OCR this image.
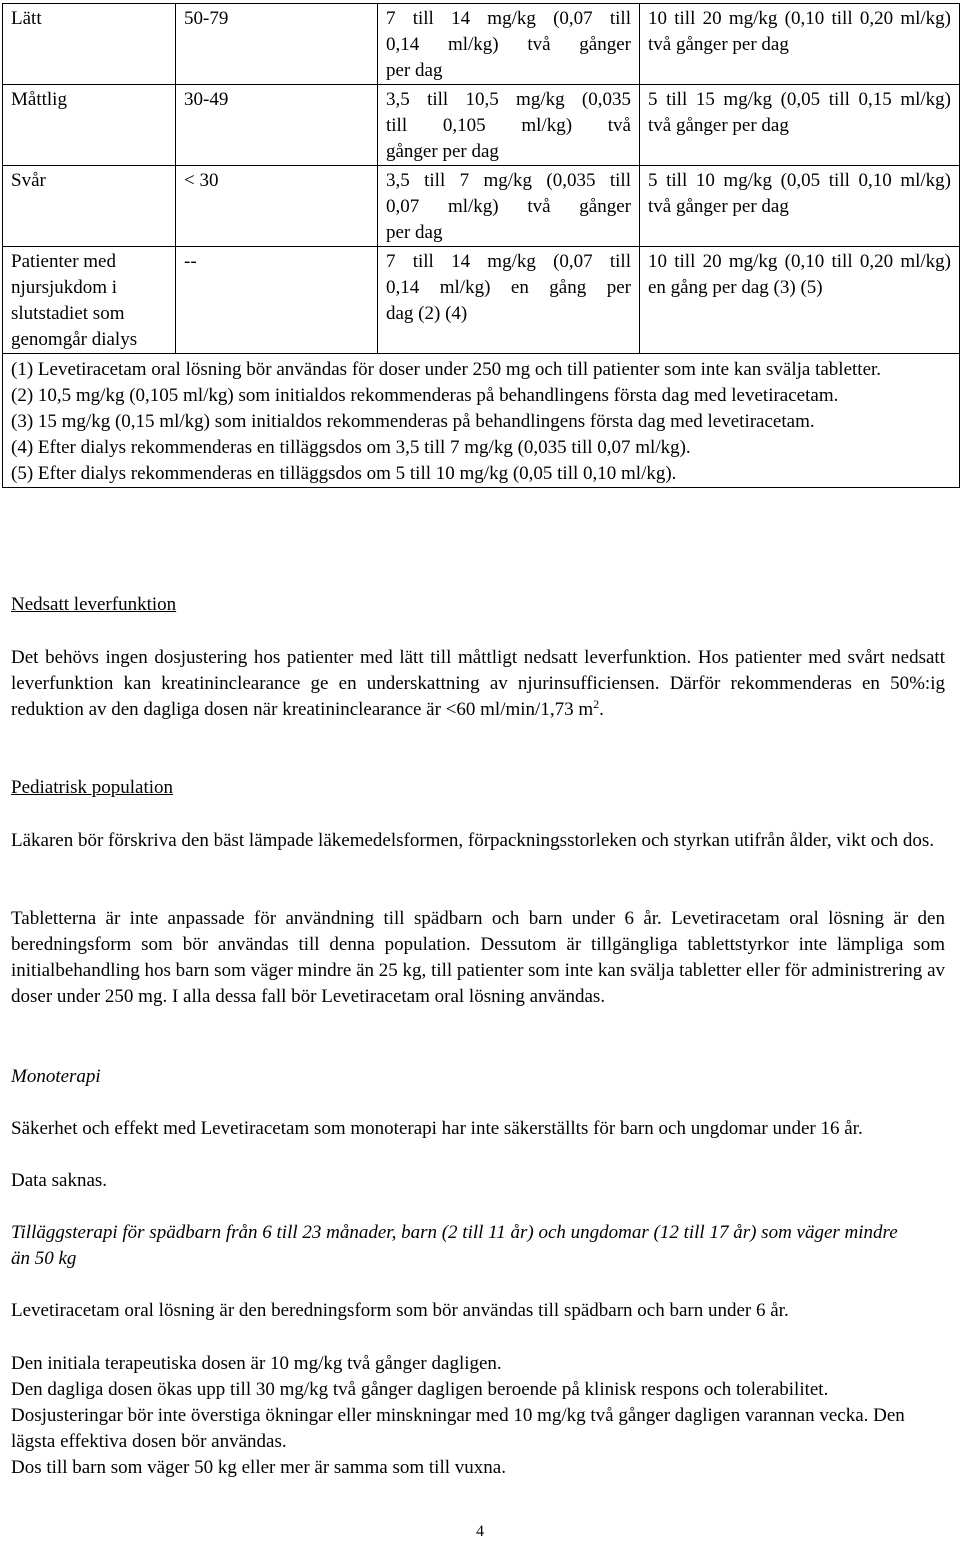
Lätt	50-79	7 till 14 mg/kg (0,07 till
0,14 ml/kg) två gånger
per dag	10 till 20 mg/kg (0,10 till 0,20 ml/kg) två gånger per dag
Måttlig	30-49	3,5 till 10,5 mg/kg (0,035
till 0,105 ml/kg) två
gånger per dag	5 till 15 mg/kg (0,05 till 0,15 ml/kg) två gånger per dag
Svår	< 30	3,5 till 7 mg/kg (0,035 till
0,07 ml/kg) två gånger
per dag	5 till 10 mg/kg (0,05 till 0,10 ml/kg) två gånger per dag
Patienter med njursjukdom i slutstadiet som genomgår dialys	--	7 till 14 mg/kg (0,07 till
0,14 ml/kg) en gång per
dag (2) (4)	10 till 20 mg/kg (0,10 till 0,20 ml/kg) en gång per dag (3) (5)

(1) Levetiracetam oral lösning bör användas för doser under 250 mg och till patienter som inte kan svälja tabletter.
(2) 10,5 mg/kg (0,105 ml/kg) som initialdos rekommenderas på behandlingens första dag med levetiracetam.
(3) 15 mg/kg (0,15 ml/kg) som initialdos rekommenderas på behandlingens första dag med levetiracetam.
(4) Efter dialys rekommenderas en tilläggsdos om 3,5 till 7 mg/kg (0,035 till 0,07 ml/kg).
(5) Efter dialys rekommenderas en tilläggsdos om 5 till 10 mg/kg (0,05 till 0,10 ml/kg).			

Nedsatt leverfunktion

Det behövs ingen dosjustering hos patienter med lätt till måttligt nedsatt leverfunktion. Hos patienter med svårt nedsatt leverfunktion kan kreatininclearance ge en underskattning av njurinsufficiensen. Därför rekommenderas en 50%:ig reduktion av den dagliga dosen när kreatininclearance är <60 ml/min/1,73 $m^2$.

Pediatrisk population

Läkaren bör förskriva den bäst lämpade läkemedelsformen, förpackningsstorleken och styrkan utifrån ålder, vikt och dos.

Tabletterna är inte anpassade för användning till spädbarn och barn under 6 år. Levetiracetam oral lösning är den beredningsform som bör användas till denna population. Dessutom är tillgängliga tablettstyrkor inte lämpliga som initialbehandling hos barn som väger mindre än 25 kg, till patienter som inte kan svälja tabletter eller för administrering av doser under 250 mg. I alla dessa fall bör Levetiracetam oral lösning användas.

Monoterapi

Säkerhet och effekt med Levetiracetam som monoterapi har inte säkerställts för barn och ungdomar under 16 år.

Data saknas.

Tilläggsterapi för spädbarn från 6 till 23 månader, barn (2 till 11 år) och ungdomar (12 till 17 år) som väger mindre än 50 kg

Levetiracetam oral lösning är den beredningsform som bör användas till spädbarn och barn under 6 år.

Den initiala terapeutiska dosen är 10 mg/kg två gånger dagligen.

Den dagliga dosen ökas upp till 30 mg/kg två gånger dagligen beroende på klinisk respons och tolerabilitet. Dosjusteringar bör inte överstiga ökningar eller minskningar med 10 mg/kg två gånger dagligen varannan vecka. Den lägsta effektiva dosen bör användas.

Dos till barn som väger 50 kg eller mer är samma som till vuxna.

4
